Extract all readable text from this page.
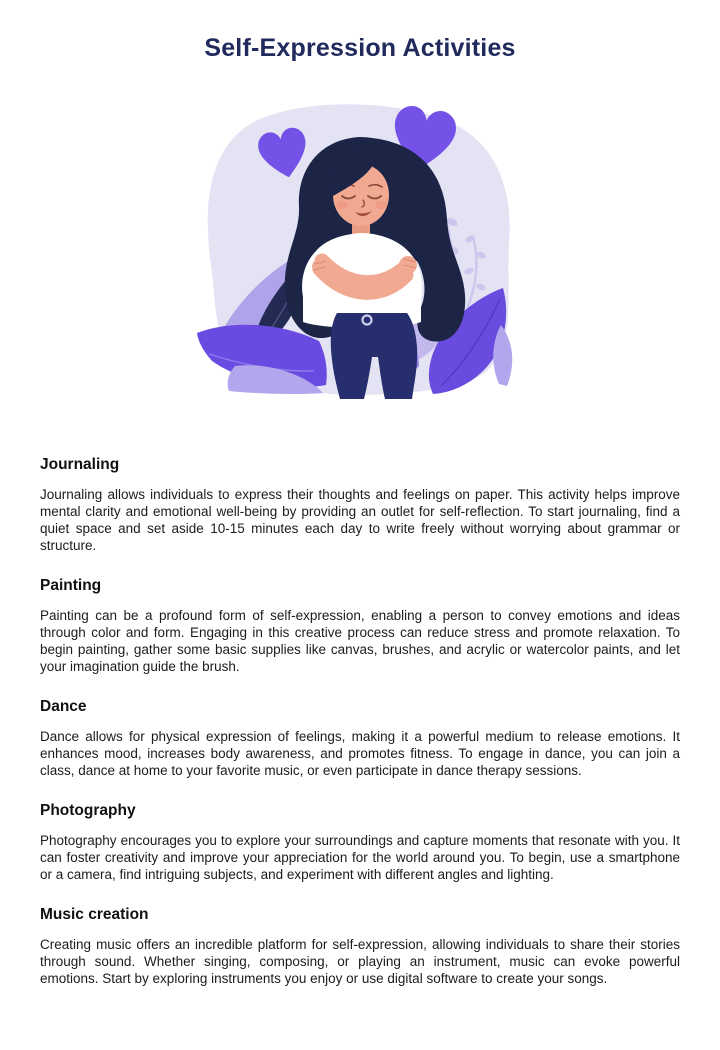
Self-Expression Activities
Journaling

Journaling allows individuals to express their thoughts and feelings on paper. This activity helps improve mental clarity and emotional well-being by providing an outlet for self-reflection. To start journaling, find a quiet space and set aside 10-15 minutes each day to write freely without worrying about grammar or structure.

Painting

Painting can be a profound form of self-expression, enabling a person to convey emotions and ideas through color and form. Engaging in this creative process can reduce stress and promote relaxation. To begin painting, gather some basic supplies like canvas, brushes, and acrylic or watercolor paints, and let your imagination guide the brush.

Dance

Dance allows for physical expression of feelings, making it a powerful medium to release emotions. It enhances mood, increases body awareness, and promotes fitness. To engage in dance, you can join a class, dance at home to your favorite music, or even participate in dance therapy sessions.

Photography

Photography encourages you to explore your surroundings and capture moments that resonate with you. It can foster creativity and improve your appreciation for the world around you. To begin, use a smartphone or a camera, find intriguing subjects, and experiment with different angles and lighting.

Music creation

Creating music offers an incredible platform for self-expression, allowing individuals to share their stories through sound. Whether singing, composing, or playing an instrument, music can evoke powerful emotions. Start by exploring instruments you enjoy or use digital software to create your songs.
